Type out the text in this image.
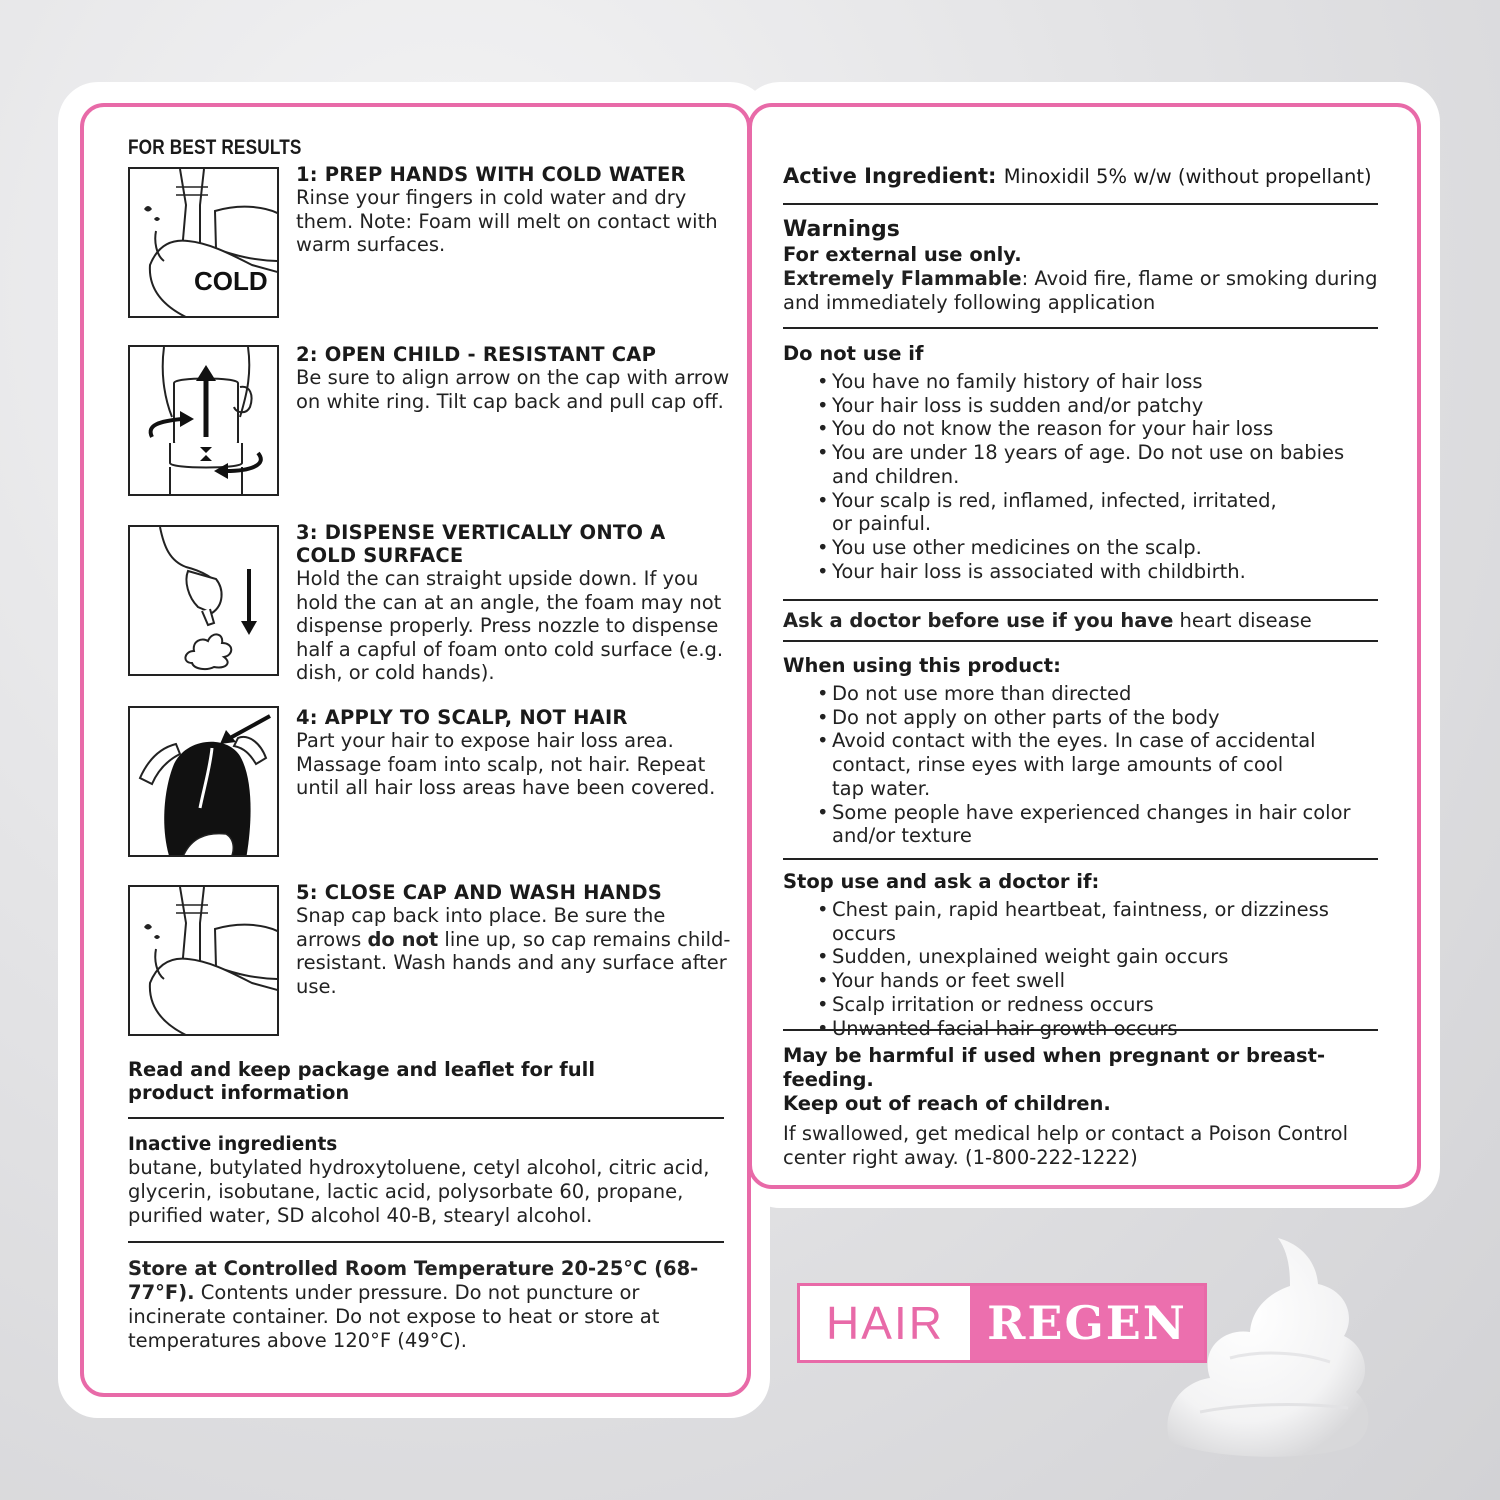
FOR BEST RESULTS
COLD
1: PREP HANDS WITH COLD WATER
Rinse your fingers in cold water and dry them. Note: Foam will melt on contact with warm surfaces.
2: OPEN CHILD - RESISTANT CAP
Be sure to align arrow on the cap with arrow on white ring. Tilt cap back and pull cap off.
3: DISPENSE VERTICALLY ONTO A COLD SURFACE
Hold the can straight upside down. If you hold the can at an angle, the foam may not dispense properly. Press nozzle to dispense half a capful of foam onto cold surface (e.g. dish, or cold hands).
4: APPLY TO SCALP, NOT HAIR
Part your hair to expose hair loss area. Massage foam into scalp, not hair. Repeat until all hair loss areas have been covered.
5: CLOSE CAP AND WASH HANDS
Snap cap back into place. Be sure the arrows do not line up, so cap remains child-resistant. Wash hands and any surface after use.
Read and keep package and leaflet for full product information
Inactive ingredients
butane, butylated hydroxytoluene, cetyl alcohol, citric acid, glycerin, isobutane, lactic acid, polysorbate 60, propane, purified water, SD alcohol 40-B, stearyl alcohol.
Store at Controlled Room Temperature 20-25°C (68-77°F). Contents under pressure. Do not puncture or incinerate container. Do not expose to heat or store at temperatures above 120°F (49°C).
Active Ingredient: Minoxidil 5% w/w (without propellant)
Warnings
For external use only.
Extremely Flammable: Avoid fire, flame or smoking during and immediately following application
Do not use if
• You have no family history of hair loss
• Your hair loss is sudden and/or patchy
• You do not know the reason for your hair loss
• You are under 18 years of age. Do not use on babies and children.
• Your scalp is red, inflamed, infected, irritated, or painful.
• You use other medicines on the scalp.
• Your hair loss is associated with childbirth.
Ask a doctor before use if you have heart disease
When using this product:
• Do not use more than directed
• Do not apply on other parts of the body
• Avoid contact with the eyes. In case of accidental contact, rinse eyes with large amounts of cool tap water.
• Some people have experienced changes in hair color and/or texture
Stop use and ask a doctor if:
• Chest pain, rapid heartbeat, faintness, or dizziness occurs
• Sudden, unexplained weight gain occurs
• Your hands or feet swell
• Scalp irritation or redness occurs
•
May be harmful if used when pregnant or breast-feeding.
Keep out of reach of children.
If swallowed, get medical help or contact a Poison Control center right away. (1-800-222-1222)
HAIR REGEN
